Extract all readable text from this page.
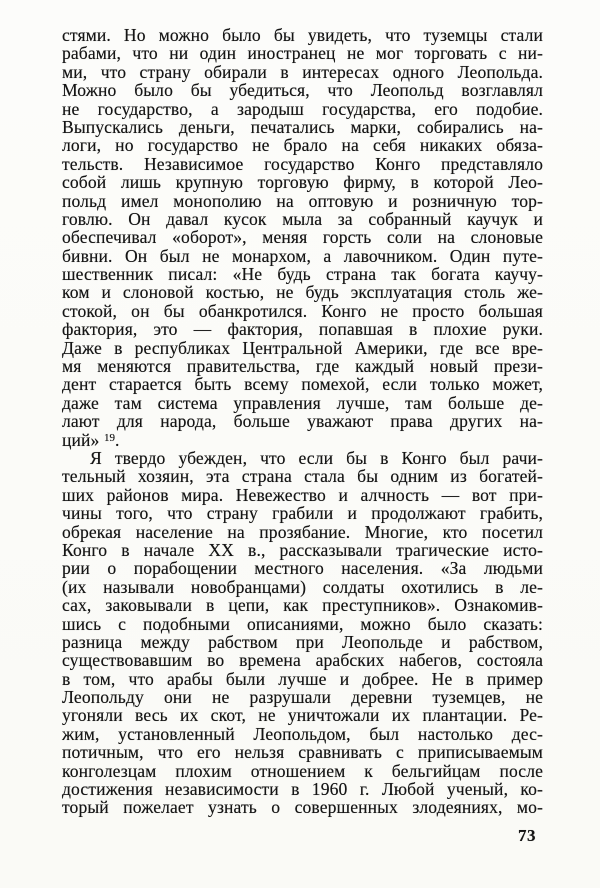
стями. Но можно было бы увидеть, что туземцы стали
рабами, что ни один иностранец не мог торговать с ни-
ми, что страну обирали в интересах одного Леопольда.
Можно было бы убедиться, что Леопольд возглавлял
не государство, а зародыш государства, его подобие.
Выпускались деньги, печатались марки, собирались на-
логи, но государство не брало на себя никаких обяза-
тельств. Независимое государство Конго представляло
собой лишь крупную торговую фирму, в которой Лео-
польд имел монополию на оптовую и розничную тор-
говлю. Он давал кусок мыла за собранный каучук и
обеспечивал «оборот», меняя горсть соли на слоновые
бивни. Он был не монархом, а лавочником. Один путе-
шественник писал: «Не будь страна так богата каучу-
ком и слоновой костью, не будь эксплуатация столь же-
стокой, он бы обанкротился. Конго не просто большая
фактория, это — фактория, попавшая в плохие руки.
Даже в республиках Центральной Америки, где все вре-
мя меняются правительства, где каждый новый прези-
дент старается быть всему помехой, если только может,
даже там система управления лучше, там больше де-
лают для народа, больше уважают права других на-
ций» $^{19}$.
Я твердо убежден, что если бы в Конго был рачи-
тельный хозяин, эта страна стала бы одним из богатей-
ших районов мира. Невежество и алчность — вот при-
чины того, что страну грабили и продолжают грабить,
обрекая население на прозябание. Многие, кто посетил
Конго в начале XX в., рассказывали трагические исто-
рии о порабощении местного населения. «За людьми
(их называли новобранцами) солдаты охотились в ле-
сах, заковывали в цепи, как преступников». Ознакомив-
шись с подобными описаниями, можно было сказать:
разница между рабством при Леопольде и рабством,
существовавшим во времена арабских набегов, состояла
в том, что арабы были лучше и добрее. Не в пример
Леопольду они не разрушали деревни туземцев, не
угоняли весь их скот, не уничтожали их плантации. Ре-
жим, установленный Леопольдом, был настолько дес-
потичным, что его нельзя сравнивать с приписываемым
конголезцам плохим отношением к бельгийцам после
достижения независимости в 1960 г. Любой ученый, ко-
торый пожелает узнать о совершенных злодеяниях, мо-
73
